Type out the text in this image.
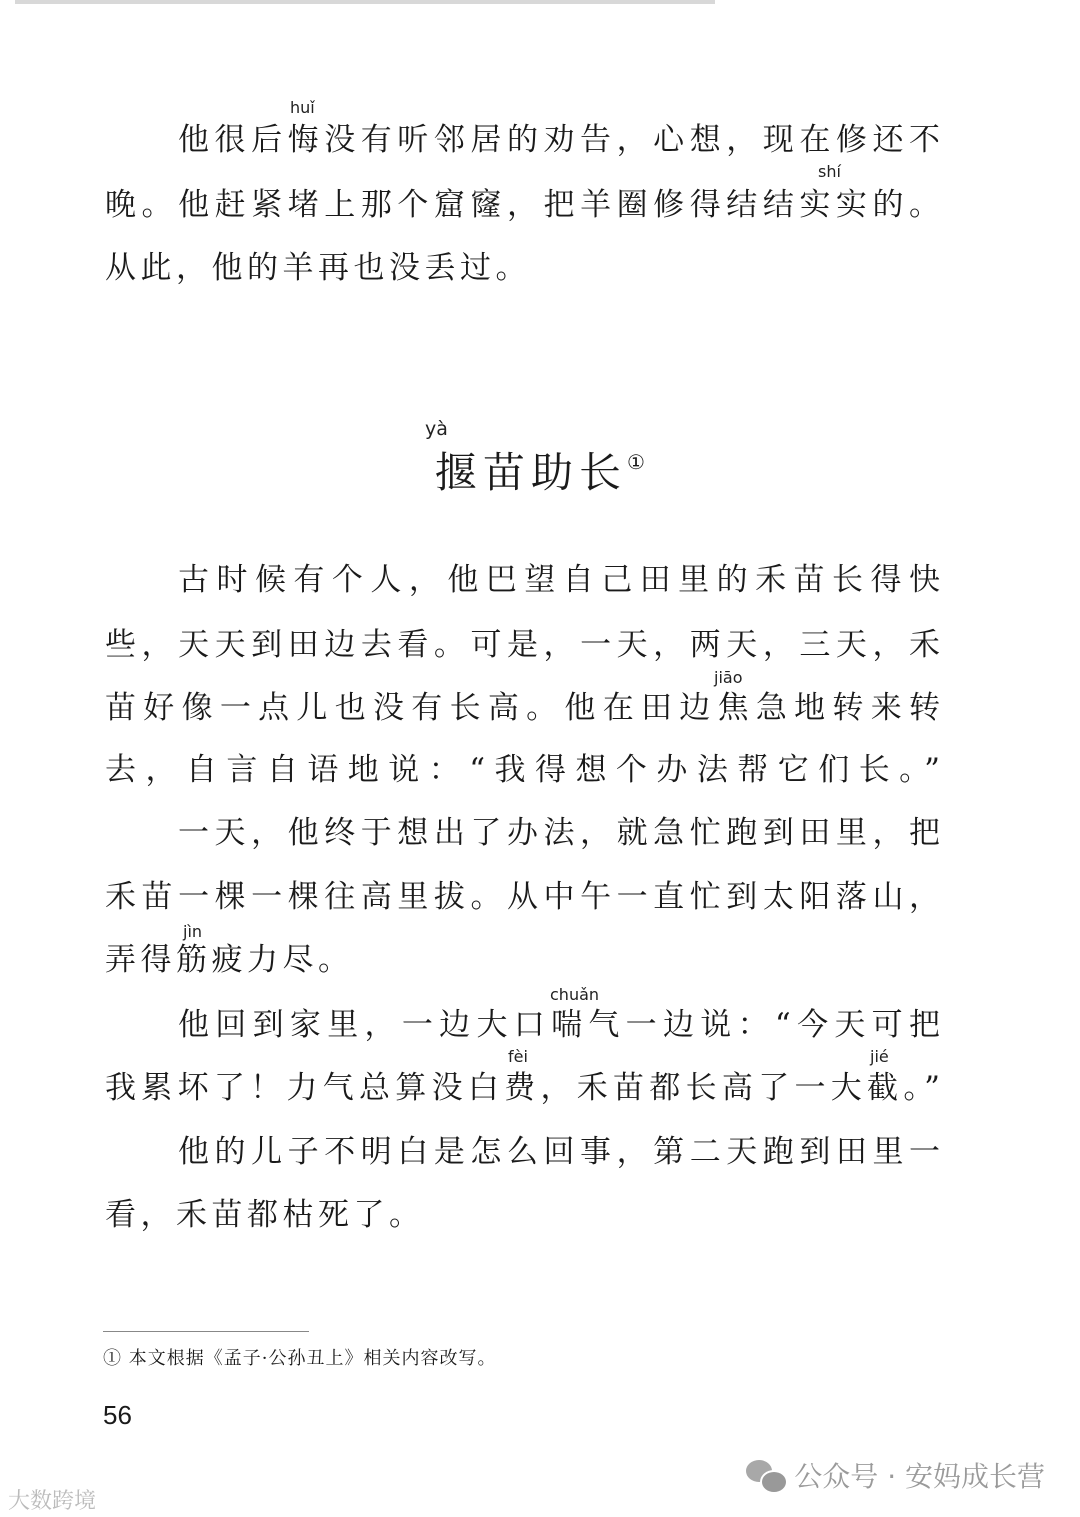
huǐ
他很后悔没有听邻居的劝告，心想，现在修还不
shí
晚。他赶紧堵上那个窟窿，把羊圈修得结结实实的。
从此，他的羊再也没丢过。
yà
揠苗助长①
古时候有个人，他巴望自己田里的禾苗长得快
些，天天到田边去看。可是，一天，两天，三天，禾
jiāo
苗好像一点儿也没有长高。他在田边焦急地转来转
去，自言自语地说：“我得想个办法帮它们长。”
一天，他终于想出了办法，就急忙跑到田里，把
禾苗一棵一棵往高里拔。从中午一直忙到太阳落山，
jìn
弄得筋疲力尽。
chuǎn
他回到家里，一边大口喘气一边说：“今天可把
fèi	jié
我累坏了！力气总算没白费，禾苗都长高了一大截。”
他的儿子不明白是怎么回事，第二天跑到田里一
看，禾苗都枯死了。
① 本文根据《孟子·公孙丑上》相关内容改写。
56
公众号 · 安妈成长营
大数跨境
